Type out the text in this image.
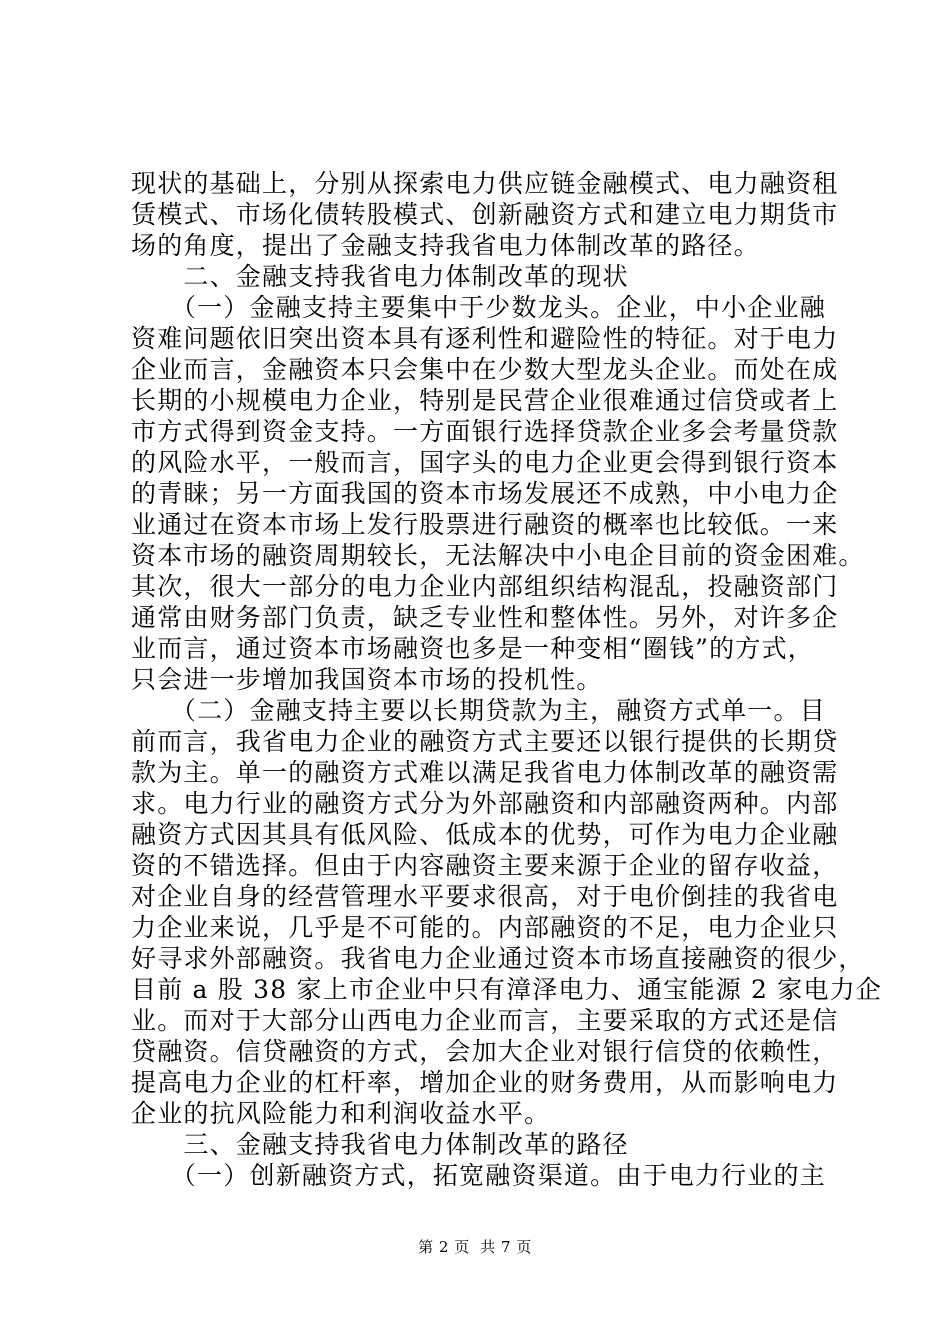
现状的基础上，分别从探索电力供应链金融模式、电力融资租
赁模式、市场化债转股模式、创新融资方式和建立电力期货市
场的角度，提出了金融支持我省电力体制改革的路径。
　　二、金融支持我省电力体制改革的现状
　　（一）金融支持主要集中于少数龙头。企业，中小企业融
资难问题依旧突出资本具有逐利性和避险性的特征。对于电力
企业而言，金融资本只会集中在少数大型龙头企业。而处在成
长期的小规模电力企业，特别是民营企业很难通过信贷或者上
市方式得到资金支持。一方面银行选择贷款企业多会考量贷款
的风险水平，一般而言，国字头的电力企业更会得到银行资本
的青睐；另一方面我国的资本市场发展还不成熟，中小电力企
业通过在资本市场上发行股票进行融资的概率也比较低。一来
资本市场的融资周期较长，无法解决中小电企目前的资金困难。
其次，很大一部分的电力企业内部组织结构混乱，投融资部门
通常由财务部门负责，缺乏专业性和整体性。另外，对许多企
业而言，通过资本市场融资也多是一种变相“圈钱”的方式，
只会进一步增加我国资本市场的投机性。
　　（二）金融支持主要以长期贷款为主，融资方式单一。目
前而言，我省电力企业的融资方式主要还以银行提供的长期贷
款为主。单一的融资方式难以满足我省电力体制改革的融资需
求。电力行业的融资方式分为外部融资和内部融资两种。内部
融资方式因其具有低风险、低成本的优势，可作为电力企业融
资的不错选择。但由于内容融资主要来源于企业的留存收益，
对企业自身的经营管理水平要求很高，对于电价倒挂的我省电
力企业来说，几乎是不可能的。内部融资的不足，电力企业只
好寻求外部融资。我省电力企业通过资本市场直接融资的很少，
目前 a 股 38 家上市企业中只有漳泽电力、通宝能源 2 家电力企
业。而对于大部分山西电力企业而言，主要采取的方式还是信
贷融资。信贷融资的方式，会加大企业对银行信贷的依赖性，
提高电力企业的杠杆率，增加企业的财务费用，从而影响电力
企业的抗风险能力和利润收益水平。
　　三、金融支持我省电力体制改革的路径
　　（一）创新融资方式，拓宽融资渠道。由于电力行业的主
第 2 页  共 7 页
